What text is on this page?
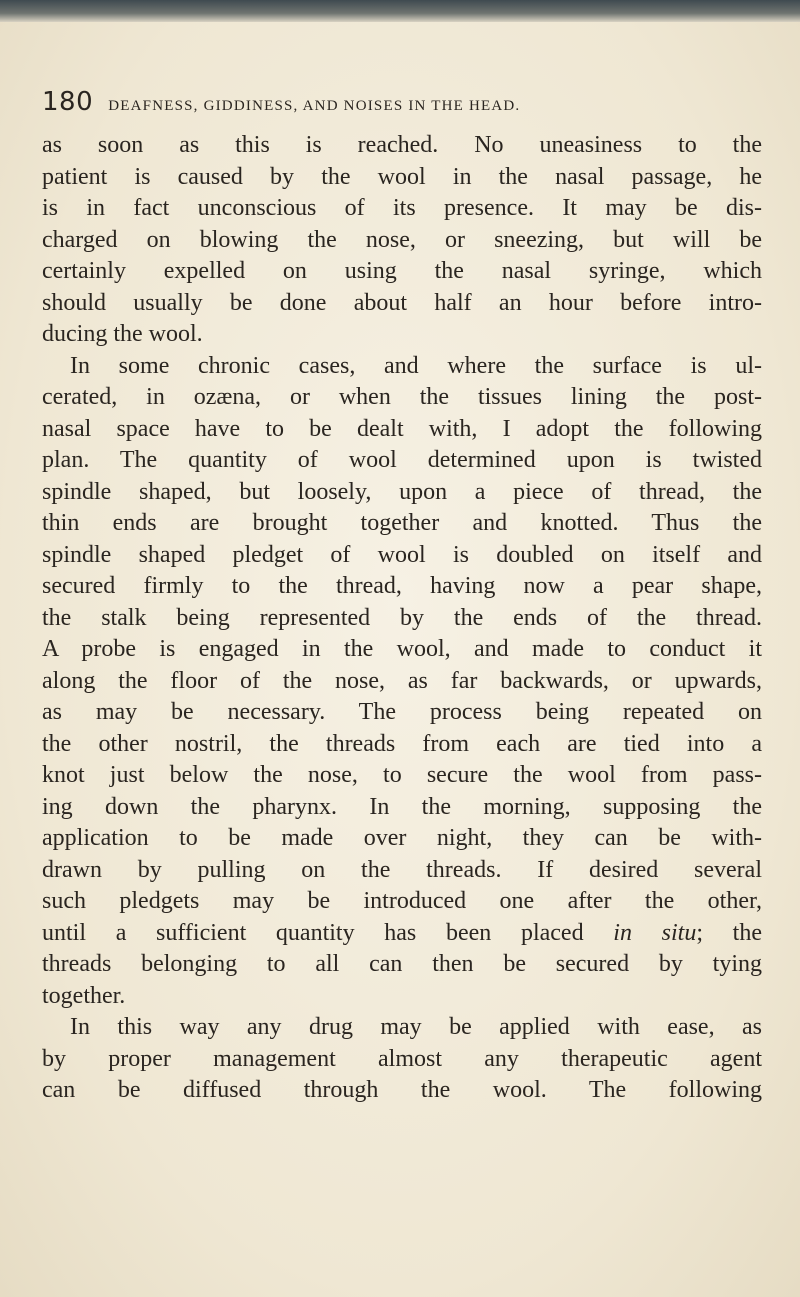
180 DEAFNESS, GIDDINESS, AND NOISES IN THE HEAD.
as soon as this is reached. No uneasiness to the
patient is caused by the wool in the nasal passage, he
is in fact unconscious of its presence. It may be dis-
charged on blowing the nose, or sneezing, but will be
certainly expelled on using the nasal syringe, which
should usually be done about half an hour before intro-
ducing the wool.
In some chronic cases, and where the surface is ul-
cerated, in ozæna, or when the tissues lining the post-
nasal space have to be dealt with, I adopt the following
plan. The quantity of wool determined upon is twisted
spindle shaped, but loosely, upon a piece of thread, the
thin ends are brought together and knotted. Thus the
spindle shaped pledget of wool is doubled on itself and
secured firmly to the thread, having now a pear shape,
the stalk being represented by the ends of the thread.
A probe is engaged in the wool, and made to conduct it
along the floor of the nose, as far backwards, or upwards,
as may be necessary. The process being repeated on
the other nostril, the threads from each are tied into a
knot just below the nose, to secure the wool from pass-
ing down the pharynx. In the morning, supposing the
application to be made over night, they can be with-
drawn by pulling on the threads. If desired several
such pledgets may be introduced one after the other,
until a sufficient quantity has been placed in situ; the
threads belonging to all can then be secured by tying
together.
In this way any drug may be applied with ease, as
by proper management almost any therapeutic agent
can be diffused through the wool. The following
